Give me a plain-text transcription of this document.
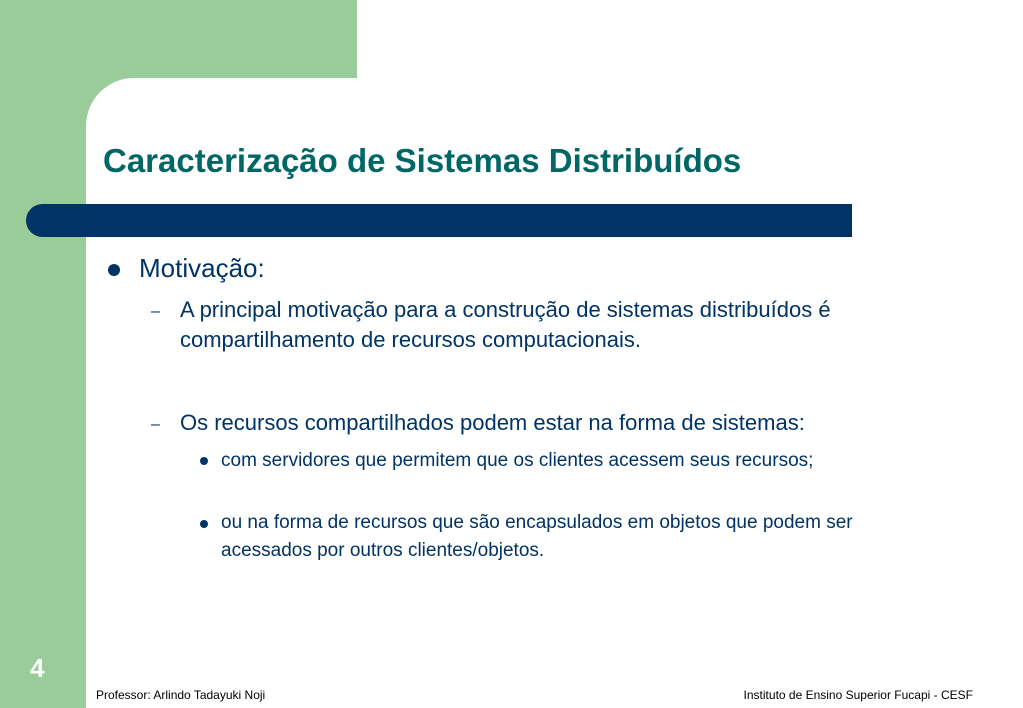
Caracterização de Sistemas Distribuídos
Motivação:
– A principal motivação para a construção de sistemas distribuídos é compartilhamento de recursos computacionais.
– Os recursos compartilhados podem estar na forma de sistemas:
com servidores que permitem que os clientes acessem seus recursos;
ou na forma de recursos que são encapsulados em objetos que podem ser acessados por outros clientes/objetos.
4
Professor: Arlindo Tadayuki Noji	Instituto de Ensino Superior Fucapi - CESF
